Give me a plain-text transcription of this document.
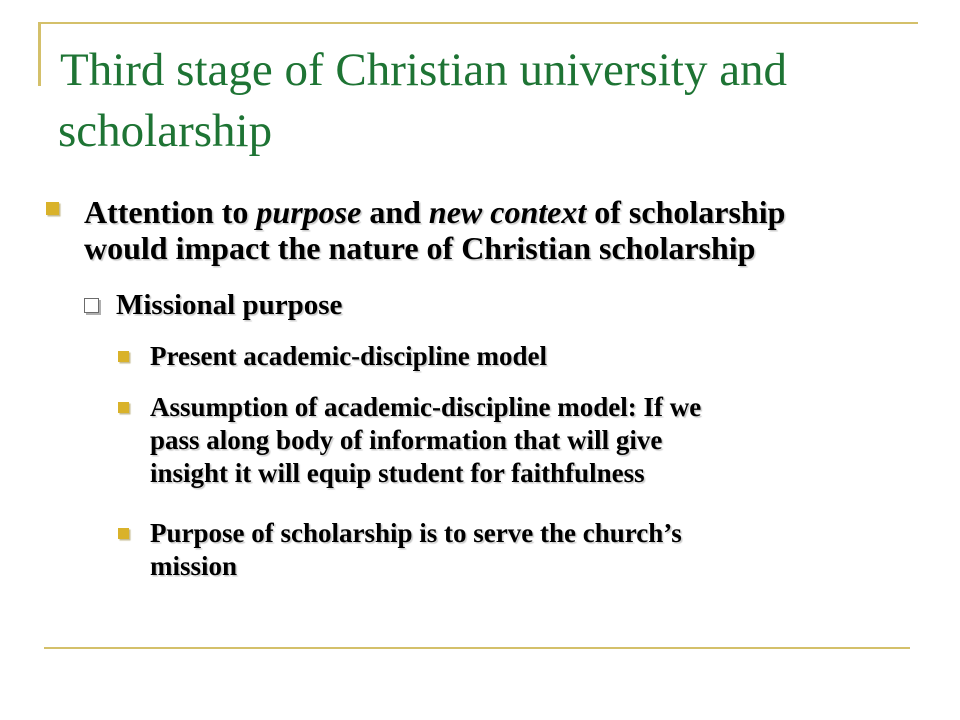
Third stage of Christian university and
scholarship
Attention to purpose and new context of scholarship
would impact the nature of Christian scholarship
Missional purpose
Present academic-discipline model
Assumption of academic-discipline model: If we
pass along body of information that will give
insight it will equip student for faithfulness
Purpose of scholarship is to serve the church’s
mission
